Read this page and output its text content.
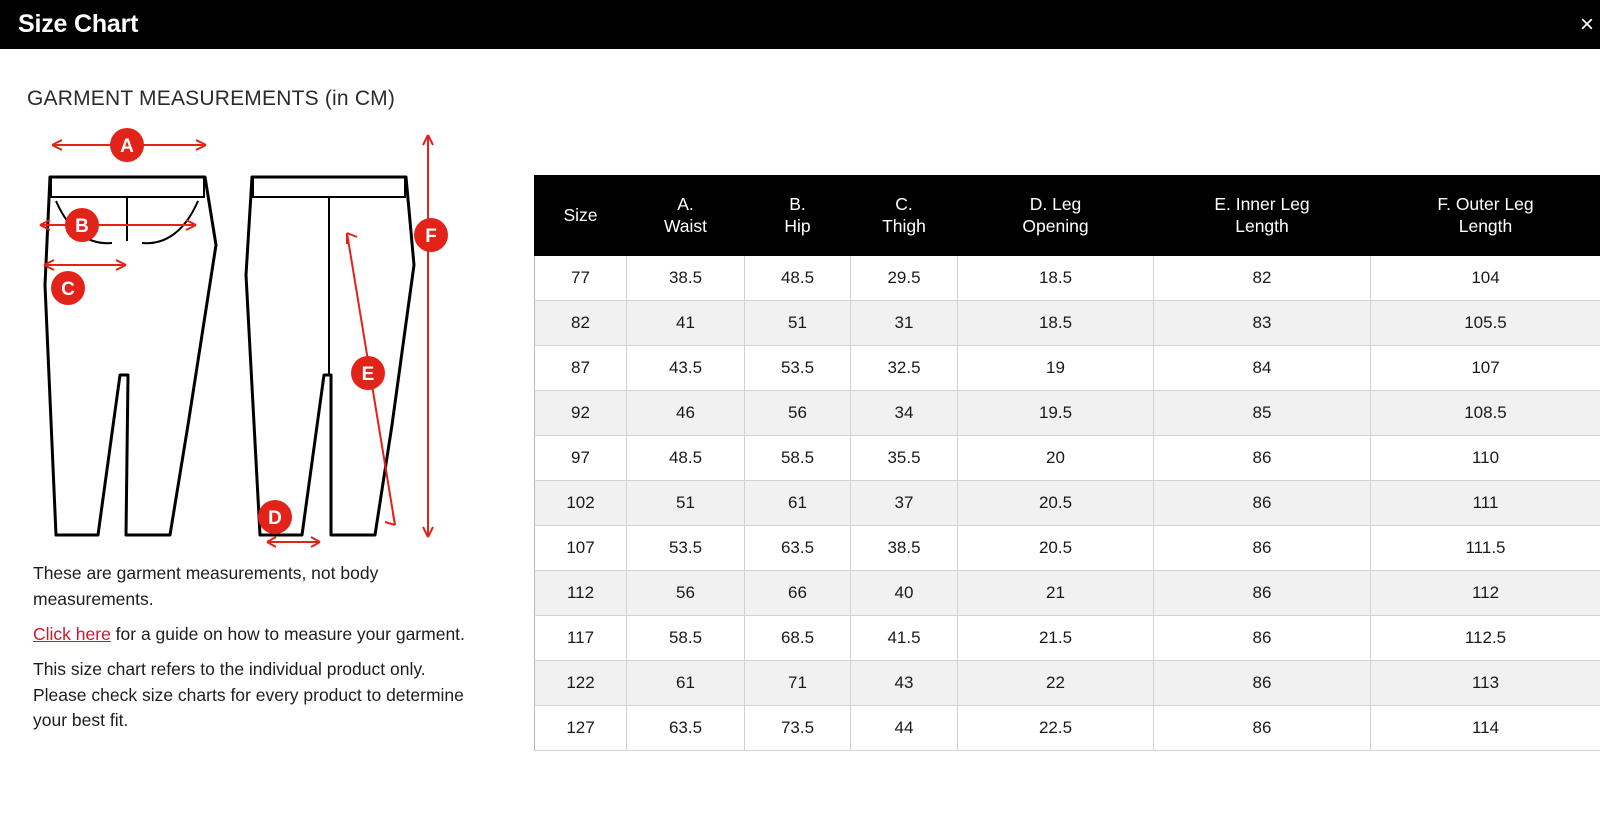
Size Chart	×
GARMENT MEASUREMENTS (in CM)
A
B
C
D
E
F

These are garment measurements, not body measurements.

Click here for a guide on how to measure your garment.

This size chart refers to the individual product only. Please check size charts for every product to determine your best fit.

Size

A.
Waist

B.
Hip

C.
Thigh

D. Leg
Opening

E. Inner Leg
Length

F. Outer Leg
Length

77	38.5	48.5	29.5	18.5	82	104
82	41	51	31	18.5	83	105.5
87	43.5	53.5	32.5	19	84	107
92	46	56	34	19.5	85	108.5
97	48.5	58.5	35.5	20	86	110
102	51	61	37	20.5	86	111
107	53.5	63.5	38.5	20.5	86	111.5
112	56	66	40	21	86	112
117	58.5	68.5	41.5	21.5	86	112.5
122	61	71	43	22	86	113
127	63.5	73.5	44	22.5	86	114
